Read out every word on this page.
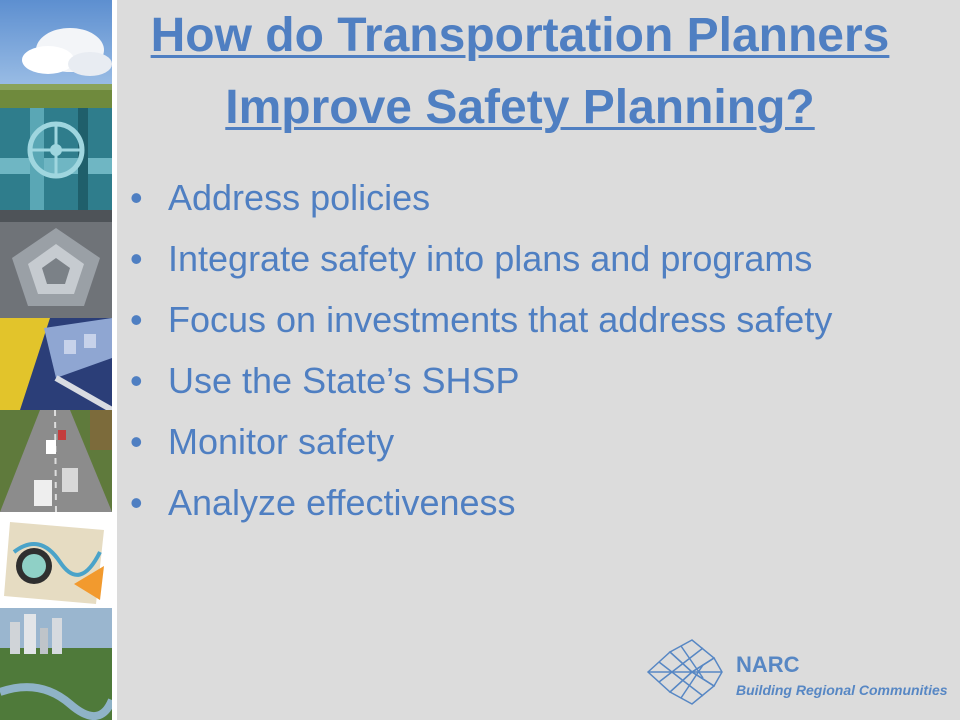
How do Transportation Planners Improve Safety Planning?
• Address policies
• Integrate safety into plans and programs
• Focus on investments that address safety
• Use the State’s SHSP
• Monitor safety
• Analyze effectiveness
NARC
Building Regional Communities
